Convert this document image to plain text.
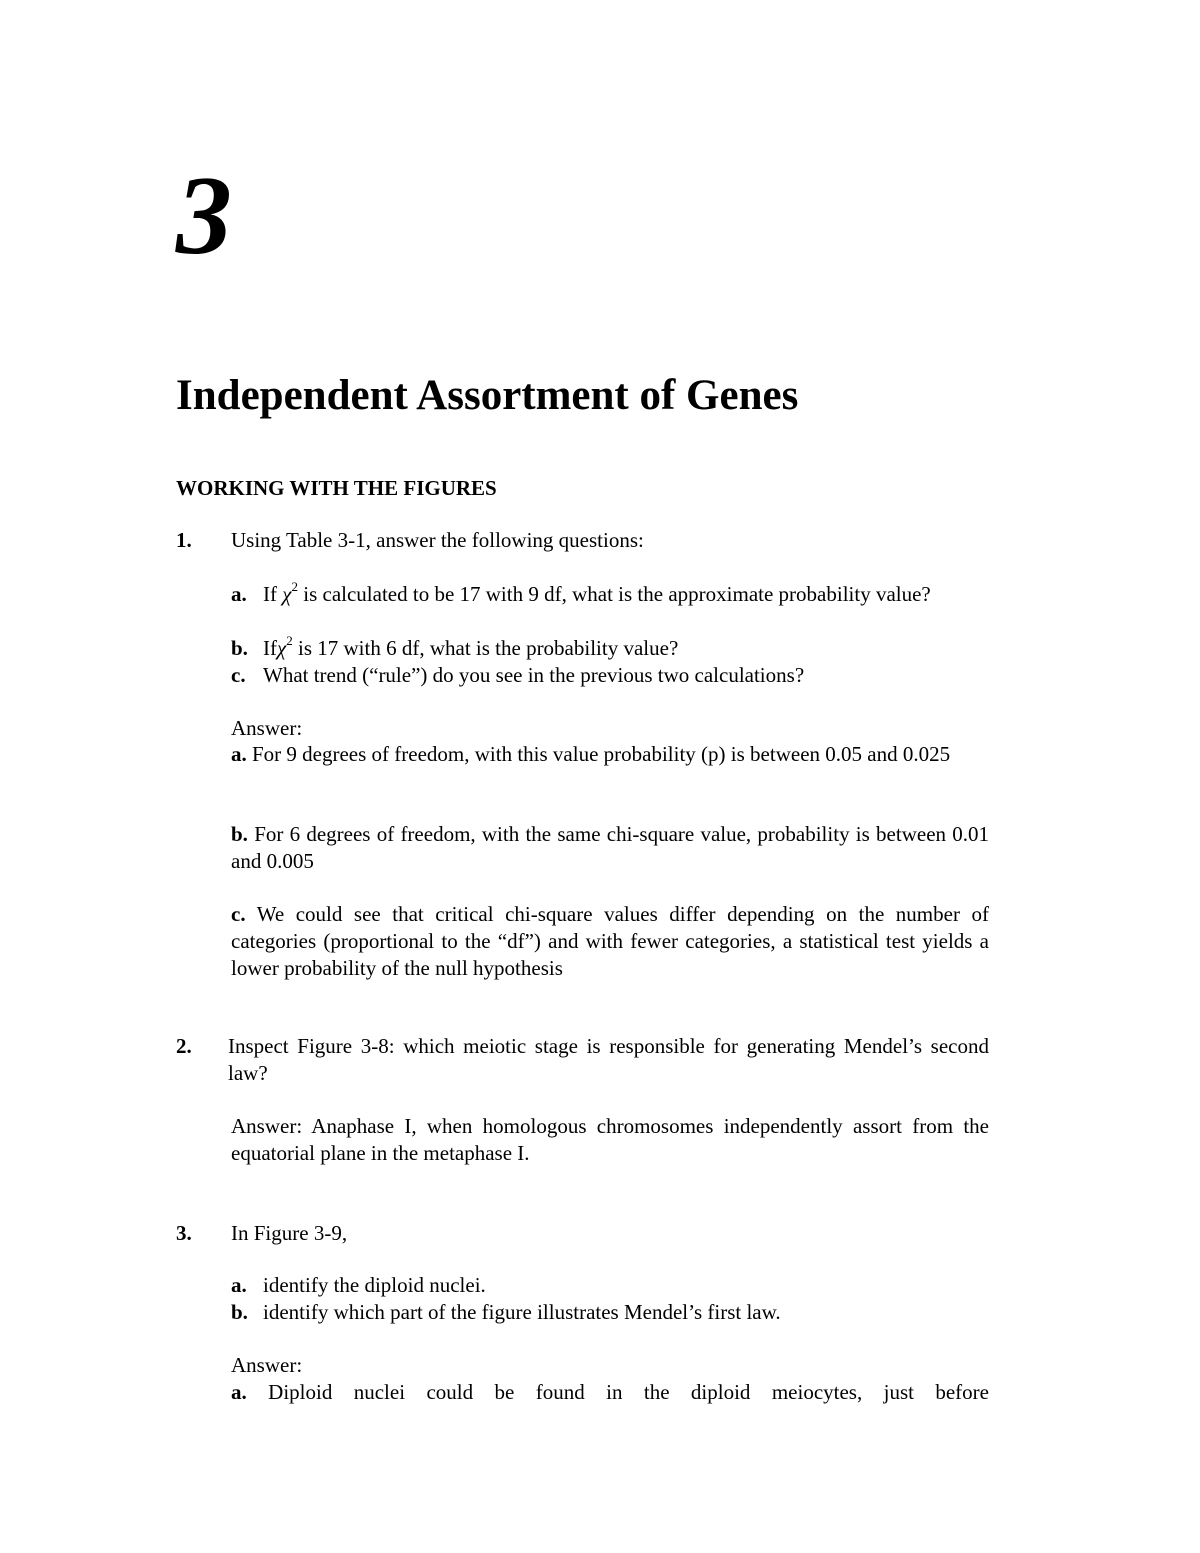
3
Independent Assortment of Genes
WORKING WITH THE FIGURES
1. Using Table 3-1, answer the following questions:
a. If $\chi^2$ is calculated to be 17 with 9 df, what is the approximate probability value?
b. Ifχ$^2$ is 17 with 6 df, what is the probability value?
c. What trend (“rule”) do you see in the previous two calculations?
Answer:
a. For 9 degrees of freedom, with this value probability (p) is between 0.05 and 0.025
b. For 6 degrees of freedom, with the same chi-square value, probability is between 0.01 and 0.005
c. We could see that critical chi-square values differ depending on the number of categories (proportional to the “df”) and with fewer categories, a statistical test yields a lower probability of the null hypothesis
2. Inspect Figure 3-8: which meiotic stage is responsible for generating Mendel’s second law?
Answer: Anaphase I, when homologous chromosomes independently assort from the equatorial plane in the metaphase I.
3. In Figure 3-9,
a. identify the diploid nuclei.
b. identify which part of the figure illustrates Mendel’s first law.
Answer:
a. Diploid nuclei could be found in the diploid meiocytes, just before
